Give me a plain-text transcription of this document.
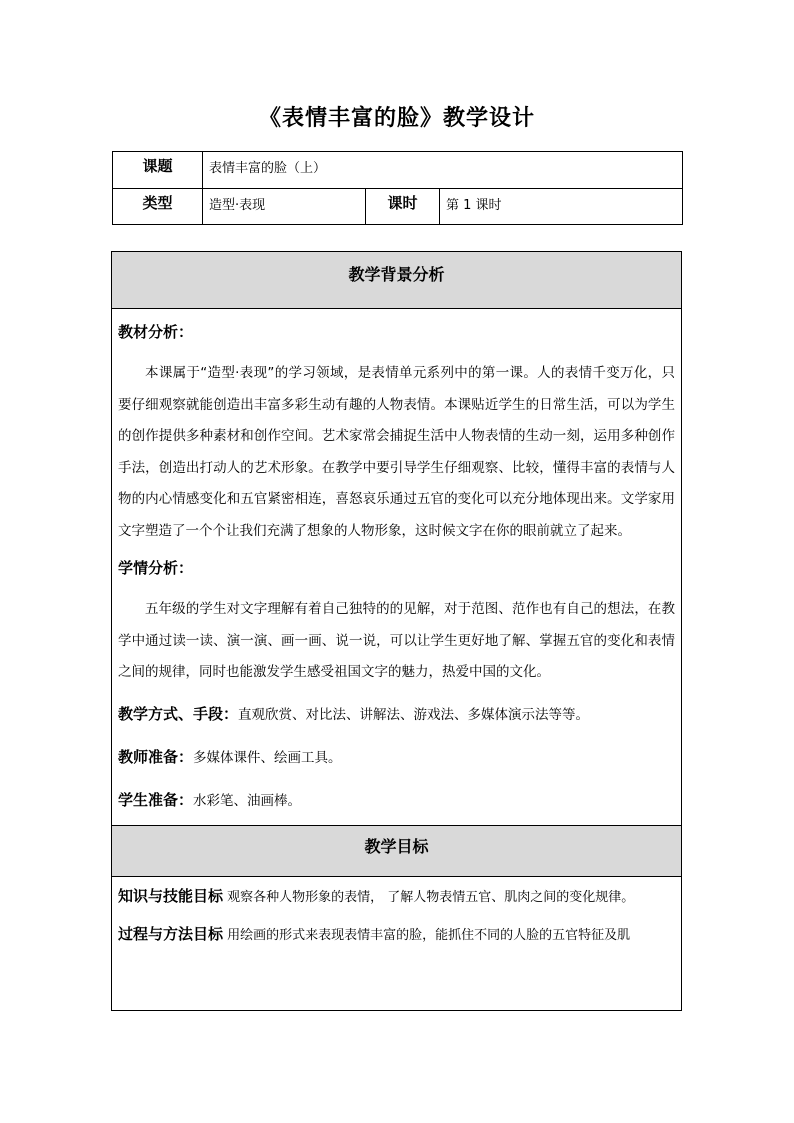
《表情丰富的脸》教学设计
课题	表情丰富的脸（上）		
类型	造型·表现	课时	第 1 课时
教学背景分析

教材分析：

本课属于“造型·表现”的学习领域，是表情单元系列中的第一课。人的表情千变万化，只要仔细观察就能创造出丰富多彩生动有趣的人物表情。本课贴近学生的日常生活，可以为学生的创作提供多种素材和创作空间。艺术家常会捕捉生活中人物表情的生动一刻，运用多种创作手法，创造出打动人的艺术形象。在教学中要引导学生仔细观察、比较，懂得丰富的表情与人物的内心情感变化和五官紧密相连，喜怒哀乐通过五官的变化可以充分地体现出来。文学家用文字塑造了一个个让我们充满了想象的人物形象，这时候文字在你的眼前就立了起来。

学情分析：

五年级的学生对文字理解有着自己独特的的见解，对于范图、范作也有自己的想法，在教学中通过读一读、演一演、画一画、说一说，可以让学生更好地了解、掌握五官的变化和表情之间的规律，同时也能激发学生感受祖国文字的魅力，热爱中国的文化。

教学方式、手段：直观欣赏、对比法、讲解法、游戏法、多媒体演示法等等。

教师准备：多媒体课件、绘画工具。

学生准备：水彩笔、油画棒。

教学目标

知识与技能目标 观察各种人物形象的表情， 了解人物表情五官、肌肉之间的变化规律。

过程与方法目标 用绘画的形式来表现表情丰富的脸，能抓住不同的人脸的五官特征及肌
